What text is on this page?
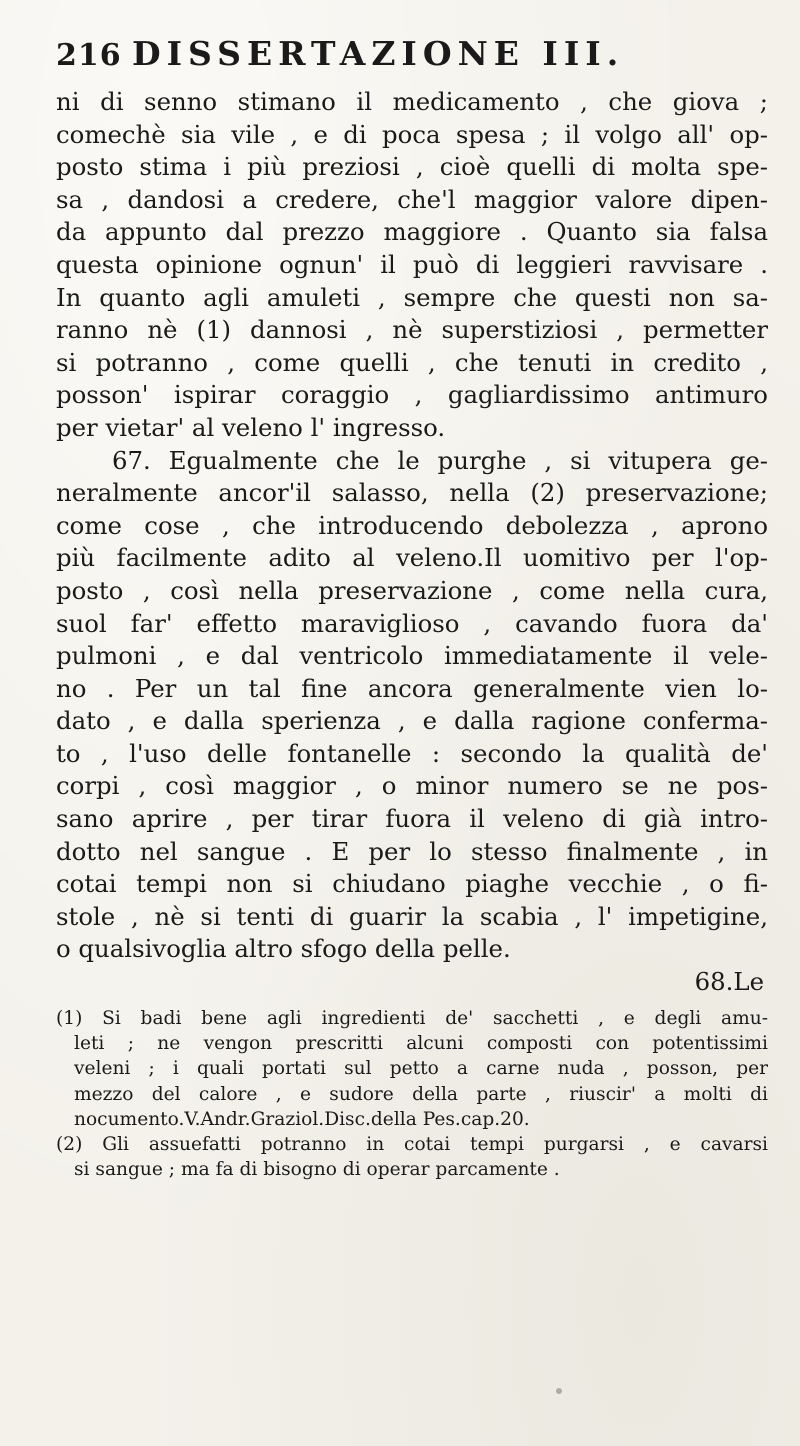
216 DISSERTAZIONE III.
ni di senno stimano il medicamento , che giova ;
comechè sia vile , e di poca spesa ; il volgo all' op-
posto stima i più preziosi , cioè quelli di molta spe-
sa , dandosi a credere, che'l maggior valore dipen-
da appunto dal prezzo maggiore . Quanto sia falsa
questa opinione ognun' il può di leggieri ravvisare .
In quanto agli amuleti , sempre che questi non sa-
ranno nè (1) dannosi , nè superstiziosi , permetter
si potranno , come quelli , che tenuti in credito ,
posson' ispirar coraggio , gagliardissimo antimuro
per vietar' al veleno l' ingresso.
67. Egualmente che le purghe , si vitupera ge-
neralmente ancor'il salasso, nella (2) preservazione;
come cose , che introducendo debolezza , aprono
più facilmente adito al veleno.Il uomitivo per l'op-
posto , così nella preservazione , come nella cura,
suol far' effetto maraviglioso , cavando fuora da'
pulmoni , e dal ventricolo immediatamente il vele-
no . Per un tal fine ancora generalmente vien lo-
dato , e dalla sperienza , e dalla ragione conferma-
to , l'uso delle fontanelle : secondo la qualità de'
corpi , così maggior , o minor numero se ne pos-
sano aprire , per tirar fuora il veleno di già intro-
dotto nel sangue . E per lo stesso finalmente , in
cotai tempi non si chiudano piaghe vecchie , o fi-
stole , nè si tenti di guarir la scabia , l' impetigine,
o qualsivoglia altro sfogo della pelle.
68.Le
(1) Si badi bene agli ingredienti de' sacchetti , e degli amu-
leti ; ne vengon prescritti alcuni composti con potentissimi
veleni ; i quali portati sul petto a carne nuda , posson, per
mezzo del calore , e sudore della parte , riuscir' a molti di
nocumento.V.Andr.Graziol.Disc.della Pes.cap.20.
(2) Gli assuefatti potranno in cotai tempi purgarsi , e cavarsi
si sangue ; ma fa di bisogno di operar parcamente .
